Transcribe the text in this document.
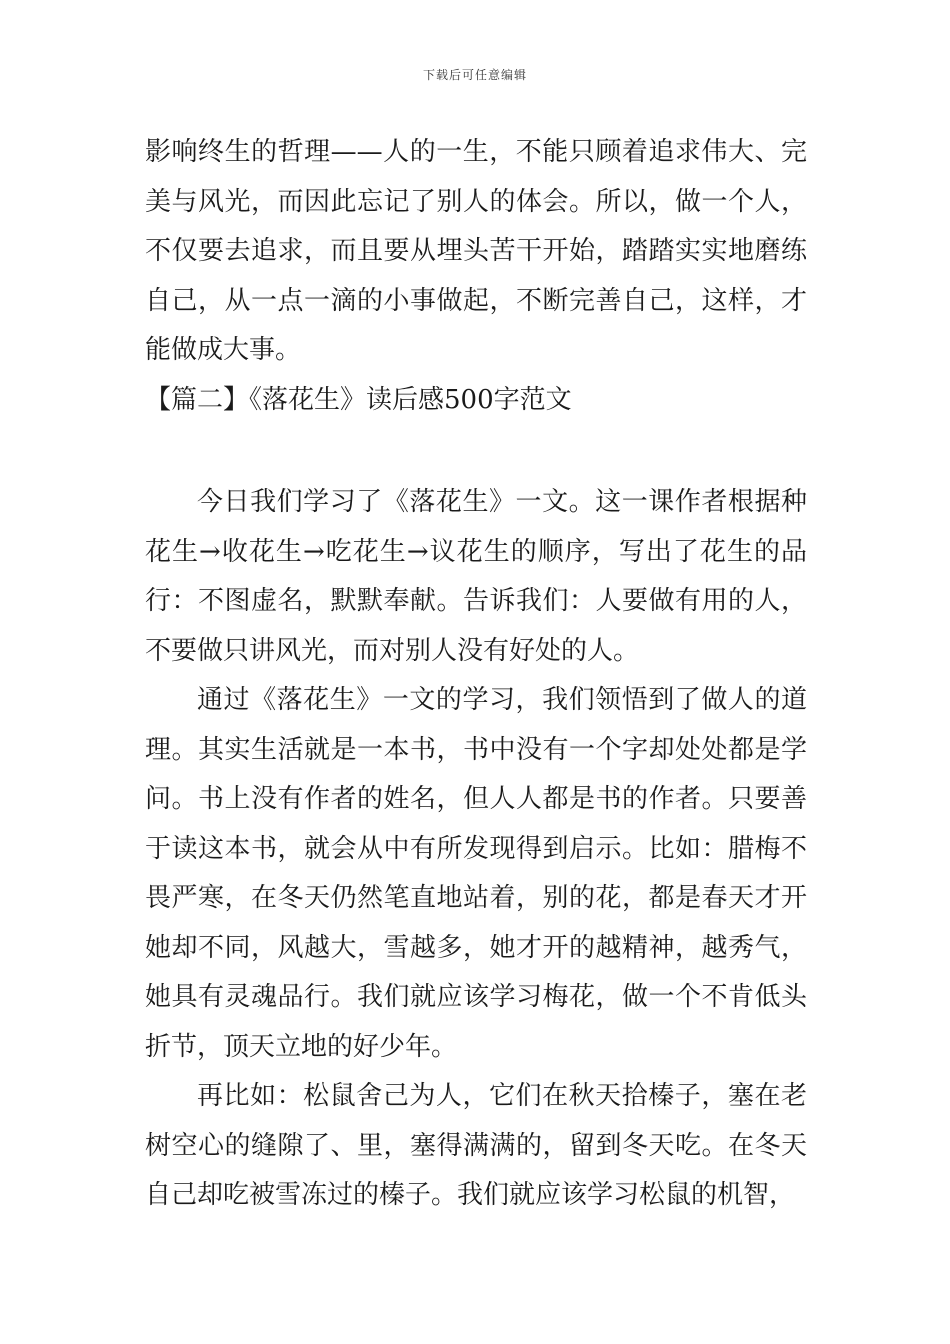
下载后可任意编辑

影响终生的哲理——人的一生，不能只顾着追求伟大、完美与风光，而因此忘记了别人的体会。所以，做一个人，不仅要去追求，而且要从埋头苦干开始，踏踏实实地磨练自己，从一点一滴的小事做起，不断完善自己，这样，才能做成大事。

【篇二】《落花生》读后感500字范文

今日我们学习了《落花生》一文。这一课作者根据种花生→收花生→吃花生→议花生的顺序，写出了花生的品行：不图虚名，默默奉献。告诉我们：人要做有用的人，不要做只讲风光，而对别人没有好处的人。

通过《落花生》一文的学习，我们领悟到了做人的道理。其实生活就是一本书，书中没有一个字却处处都是学问。书上没有作者的姓名，但人人都是书的作者。只要善于读这本书，就会从中有所发现得到启示。比如：腊梅不畏严寒，在冬天仍然笔直地站着，别的花，都是春天才开她却不同，风越大，雪越多，她才开的越精神，越秀气，她具有灵魂品行。我们就应该学习梅花，做一个不肯低头折节，顶天立地的好少年。

再比如：松鼠舍己为人，它们在秋天拾榛子，塞在老树空心的缝隙了、里，塞得满满的，留到冬天吃。在冬天自己却吃被雪冻过的榛子。我们就应该学习松鼠的机智，
